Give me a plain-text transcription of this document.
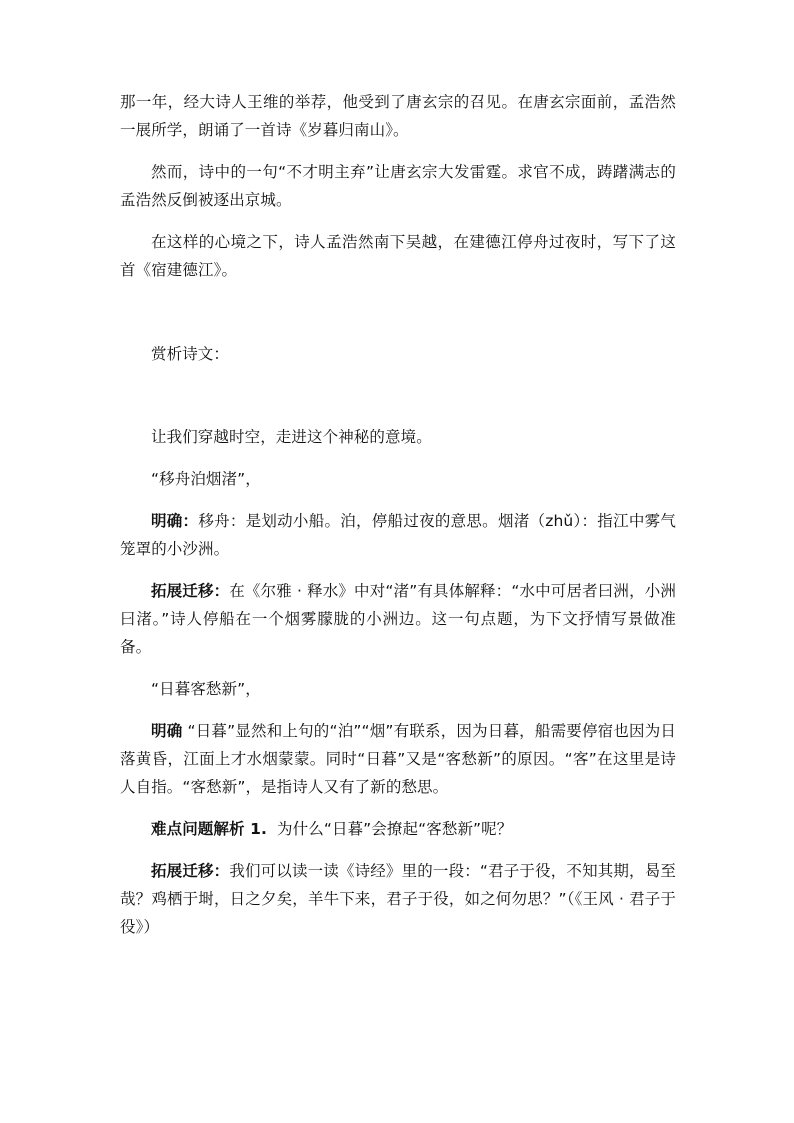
那一年，经大诗人王维的举荐，他受到了唐玄宗的召见。在唐玄宗面前，孟浩然一展所学，朗诵了一首诗《岁暮归南山》。

然而，诗中的一句“不才明主弃”让唐玄宗大发雷霆。求官不成，踌躇满志的孟浩然反倒被逐出京城。

在这样的心境之下，诗人孟浩然南下吴越，在建德江停舟过夜时，写下了这首《宿建德江》。

赏析诗文：

让我们穿越时空，走进这个神秘的意境。

“移舟泊烟渚”，

明确：移舟：是划动小船。泊，停船过夜的意思。烟渚（zhǔ）：指江中雾气笼罩的小沙洲。

拓展迁移：在《尔雅 · 释水》中对“渚”有具体解释：“水中可居者曰洲，小洲曰渚。”诗人停船在一个烟雾朦胧的小洲边。这一句点题，为下文抒情写景做准备。

“日暮客愁新”，

明确 “日暮”显然和上句的“泊”“烟”有联系，因为日暮，船需要停宿也因为日落黄昏，江面上才水烟蒙蒙。同时“日暮”又是“客愁新”的原因。“客”在这里是诗人自指。“客愁新”，是指诗人又有了新的愁思。

难点问题解析 1. 为什么“日暮”会撩起“客愁新”呢？

拓展迁移：我们可以读一读《诗经》里的一段：“君子于役，不知其期，曷至哉？鸡栖于埘，日之夕矣，羊牛下来，君子于役，如之何勿思？”（《王风 · 君子于役》）
